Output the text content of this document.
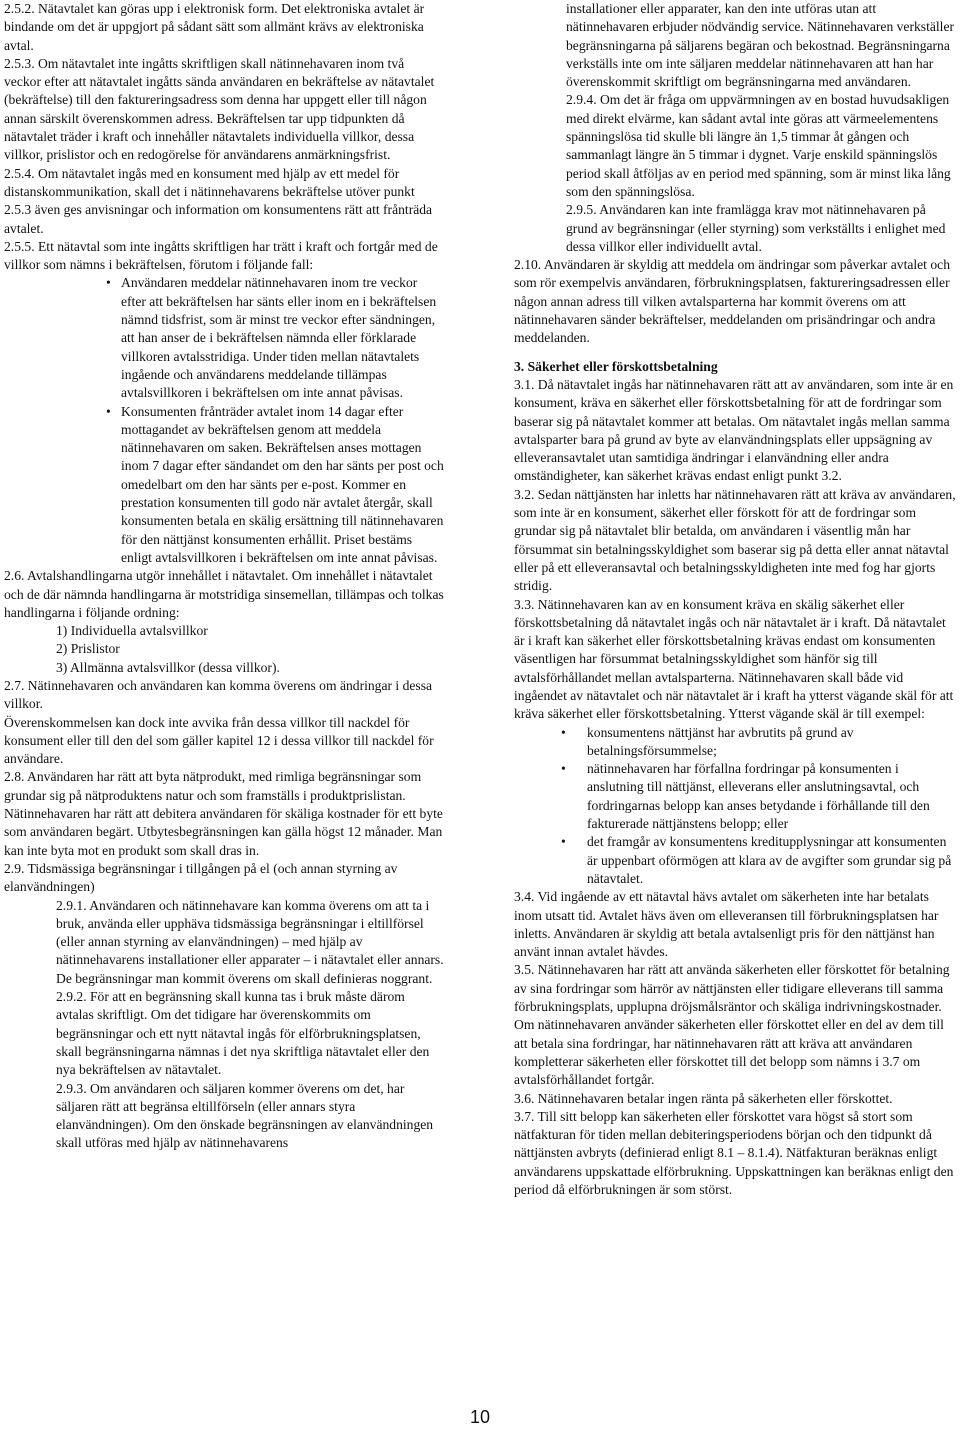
2.5.2. Nätavtalet kan göras upp i elektronisk form. Det elektroniska avtalet är bindande om det är uppgjort på sådant sätt som allmänt krävs av elektroniska avtal.

2.5.3. Om nätavtalet inte ingåtts skriftligen skall nätinnehavaren inom två veckor efter att nätavtalet ingåtts sända användaren en bekräftelse av nätavtalet (bekräftelse) till den faktureringsadress som denna har uppgett eller till någon annan särskilt överenskommen adress. Bekräftelsen tar upp tidpunkten då nätavtalet träder i kraft och innehåller nätavtalets individuella villkor, dessa villkor, prislistor och en redogörelse för användarens anmärkningsfrist.

2.5.4. Om nätavtalet ingås med en konsument med hjälp av ett medel för distanskommunikation, skall det i nätinnehavarens bekräftelse utöver punkt 2.5.3 även ges anvisningar och information om konsumentens rätt att frånträda avtalet.

2.5.5. Ett nätavtal som inte ingåtts skriftligen har trätt i kraft och fortgår med de villkor som nämns i bekräftelsen, förutom i följande fall:

• Användaren meddelar nätinnehavaren inom tre veckor efter att bekräftelsen har sänts eller inom en i bekräftelsen nämnd tidsfrist, som är minst tre veckor efter sändningen, att han anser de i bekräftelsen nämnda eller förklarade villkoren avtalsstridiga. Under tiden mellan nätavtalets ingående och användarens meddelande tillämpas avtalsvillkoren i bekräftelsen om inte annat påvisas.
• Konsumenten frånträder avtalet inom 14 dagar efter mottagandet av bekräftelsen genom att meddela nätinnehavaren om saken. Bekräftelsen anses mottagen inom 7 dagar efter sändandet om den har sänts per post och omedelbart om den har sänts per e-post. Kommer en prestation konsumenten till godo när avtalet återgår, skall konsumenten betala en skälig ersättning till nätinnehavaren för den nättjänst konsumenten erhållit. Priset bestäms enligt avtalsvillkoren i bekräftelsen om inte annat påvisas.

2.6. Avtalshandlingarna utgör innehållet i nätavtalet. Om innehållet i nätavtalet och de där nämnda handlingarna är motstridiga sinsemellan, tillämpas och tolkas handlingarna i följande ordning:

1) Individuella avtalsvillkor

2) Prislistor

3) Allmänna avtalsvillkor (dessa villkor).

2.7. Nätinnehavaren och användaren kan komma överens om ändringar i dessa villkor.

Överenskommelsen kan dock inte avvika från dessa villkor till nackdel för konsument eller till den del som gäller kapitel 12 i dessa villkor till nackdel för användare.

2.8. Användaren har rätt att byta nätprodukt, med rimliga begränsningar som grundar sig på nätproduktens natur och som framställs i produktprislistan. Nätinnehavaren har rätt att debitera användaren för skäliga kostnader för ett byte som användaren begärt. Utbytesbegränsningen kan gälla högst 12 månader. Man kan inte byta mot en produkt som skall dras in.

2.9. Tidsmässiga begränsningar i tillgången på el (och annan styrning av elanvändningen)

2.9.1. Användaren och nätinnehavare kan komma överens om att ta i bruk, använda eller upphäva tidsmässiga begränsningar i eltillförsel (eller annan styrning av elanvändningen) – med hjälp av nätinnehavarens installationer eller apparater – i nätavtalet eller annars. De begränsningar man kommit överens om skall definieras noggrant.

2.9.2. För att en begränsning skall kunna tas i bruk måste därom avtalas skriftligt. Om det tidigare har överenskommits om begränsningar och ett nytt nätavtal ingås för elförbrukningsplatsen, skall begränsningarna nämnas i det nya skriftliga nätavtalet eller den nya bekräftelsen av nätavtalet.

2.9.3. Om användaren och säljaren kommer överens om det, har säljaren rätt att begränsa eltillförseln (eller annars styra elanvändningen). Om den önskade begränsningen av elanvändningen skall utföras med hjälp av nätinnehavarens

installationer eller apparater, kan den inte utföras utan att nätinnehavaren erbjuder nödvändig service. Nätinnehavaren verkställer begränsningarna på säljarens begäran och bekostnad. Begränsningarna verkställs inte om inte säljaren meddelar nätinnehavaren att han har överenskommit skriftligt om begränsningarna med användaren.

2.9.4. Om det är fråga om uppvärmningen av en bostad huvudsakligen med direkt elvärme, kan sådant avtal inte göras att värmeelementens spänningslösa tid skulle bli längre än 1,5 timmar åt gången och sammanlagt längre än 5 timmar i dygnet. Varje enskild spänningslös period skall åtföljas av en period med spänning, som är minst lika lång som den spänningslösa.

2.9.5. Användaren kan inte framlägga krav mot nätinnehavaren på grund av begränsningar (eller styrning) som verkställts i enlighet med dessa villkor eller individuellt avtal.

2.10. Användaren är skyldig att meddela om ändringar som påverkar avtalet och som rör exempelvis användaren, förbrukningsplatsen, faktureringsadressen eller någon annan adress till vilken avtalsparterna har kommit överens om att nätinnehavaren sänder bekräftelser, meddelanden om prisändringar och andra meddelanden.

3. Säkerhet eller förskottsbetalning

3.1. Då nätavtalet ingås har nätinnehavaren rätt att av användaren, som inte är en konsument, kräva en säkerhet eller förskottsbetalning för att de fordringar som baserar sig på nätavtalet kommer att betalas. Om nätavtalet ingås mellan samma avtalsparter bara på grund av byte av elanvändningsplats eller uppsägning av elleveransavtalet utan samtidiga ändringar i elanvändning eller andra omständigheter, kan säkerhet krävas endast enligt punkt 3.2.

3.2. Sedan nättjänsten har inletts har nätinnehavaren rätt att kräva av användaren, som inte är en konsument, säkerhet eller förskott för att de fordringar som grundar sig på nätavtalet blir betalda, om användaren i väsentlig mån har försummat sin betalningsskyldighet som baserar sig på detta eller annat nätavtal eller på ett elleveransavtal och betalningsskyldigheten inte med fog har gjorts stridig.

3.3. Nätinnehavaren kan av en konsument kräva en skälig säkerhet eller förskottsbetalning då nätavtalet ingås och när nätavtalet är i kraft. Då nätavtalet är i kraft kan säkerhet eller förskottsbetalning krävas endast om konsumenten väsentligen har försummat betalningsskyldighet som hänför sig till avtalsförhållandet mellan avtalsparterna. Nätinnehavaren skall både vid ingåendet av nätavtalet och när nätavtalet är i kraft ha ytterst vägande skäl för att kräva säkerhet eller förskottsbetalning. Ytterst vägande skäl är till exempel:

• konsumentens nättjänst har avbrutits på grund av betalningsförsummelse;
• nätinnehavaren har förfallna fordringar på konsumenten i anslutning till nättjänst, elleverans eller anslutningsavtal, och fordringarnas belopp kan anses betydande i förhållande till den fakturerade nättjänstens belopp; eller
• det framgår av konsumentens kreditupplysningar att konsumenten är uppenbart oförmögen att klara av de avgifter som grundar sig på nätavtalet.

3.4. Vid ingående av ett nätavtal hävs avtalet om säkerheten inte har betalats inom utsatt tid. Avtalet hävs även om elleveransen till förbrukningsplatsen har inletts. Användaren är skyldig att betala avtalsenligt pris för den nättjänst han använt innan avtalet hävdes.

3.5. Nätinnehavaren har rätt att använda säkerheten eller förskottet för betalning av sina fordringar som härrör av nättjänsten eller tidigare elleverans till samma förbrukningsplats, upplupna dröjsmålsräntor och skäliga indrivningskostnader. Om nätinnehavaren använder säkerheten eller förskottet eller en del av dem till att betala sina fordringar, har nätinnehavaren rätt att kräva att användaren kompletterar säkerheten eller förskottet till det belopp som nämns i 3.7 om avtalsförhållandet fortgår.

3.6. Nätinnehavaren betalar ingen ränta på säkerheten eller förskottet.

3.7. Till sitt belopp kan säkerheten eller förskottet vara högst så stort som nätfakturan för tiden mellan debiteringsperiodens början och den tidpunkt då nättjänsten avbryts (definierad enligt 8.1 – 8.1.4). Nätfakturan beräknas enligt användarens uppskattade elförbrukning. Uppskattningen kan beräknas enligt den period då elförbrukningen är som störst.

10
